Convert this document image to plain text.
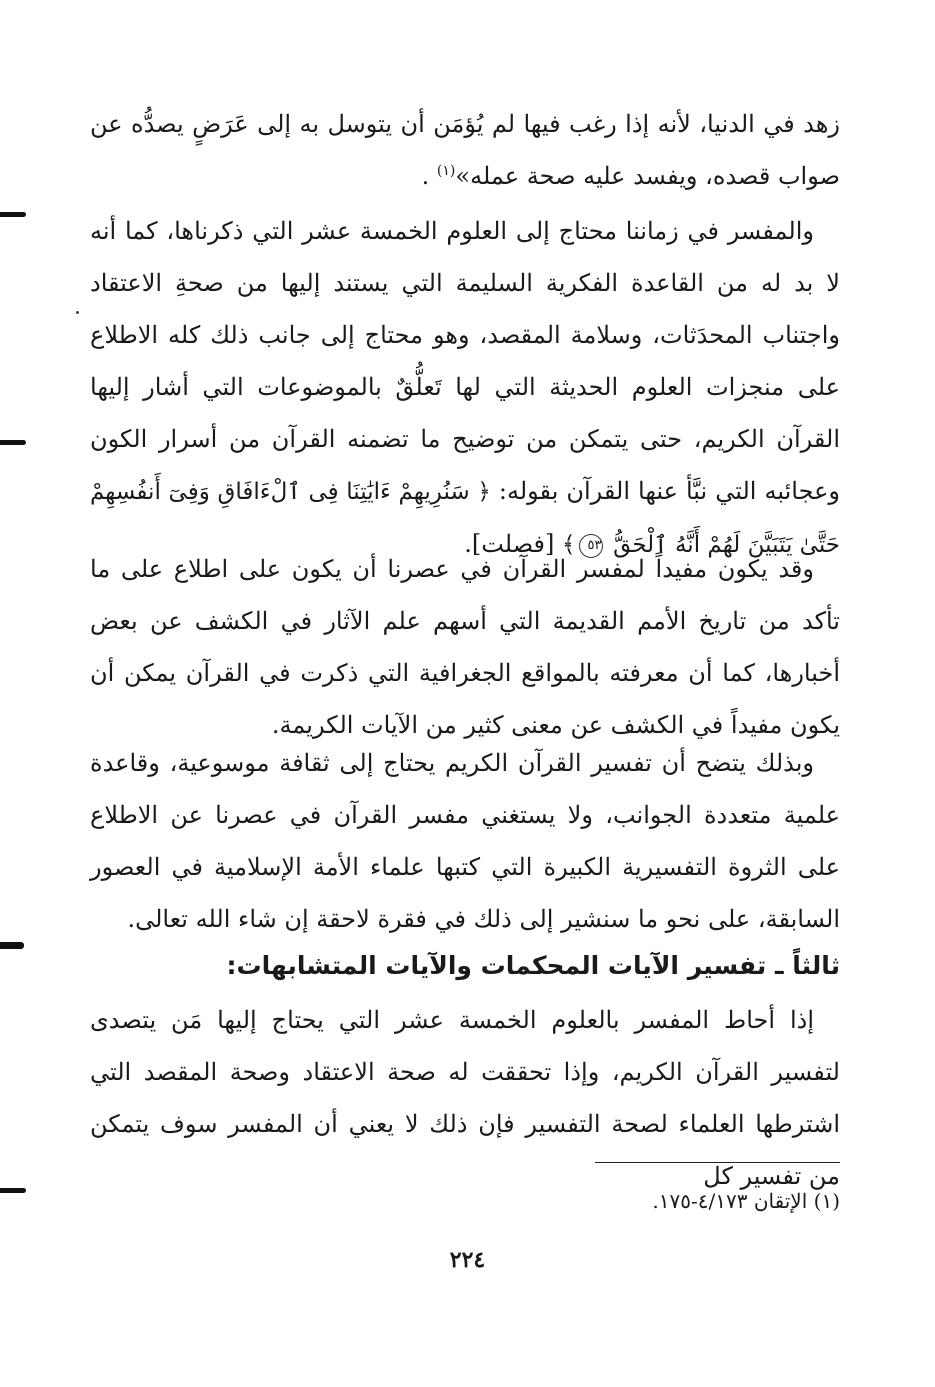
زهد في الدنيا، لأنه إذا رغب فيها لم يُؤمَن أن يتوسل به إلى عَرَضٍ يصدُّه عن صواب قصده، ويفسد عليه صحة عمله»$^{(١)}$ .

والمفسر في زماننا محتاج إلى العلوم الخمسة عشر التي ذكرناها، كما أنه لا بد له من القاعدة الفكرية السليمة التي يستند إليها من صحةِ الاعتقاد واجتناب المحدَثات، وسلامة المقصد، وهو محتاج إلى جانب ذلك كله الاطلاع على منجزات العلوم الحديثة التي لها تَعلُّقٌ بالموضوعات التي أشار إليها القرآن الكريم، حتى يتمكن من توضيح ما تضمنه القرآن من أسرار الكون وعجائبه التي نبَّأ عنها القرآن بقوله: ﴿ سَنُرِيهِمْ ءَايَٰتِنَا فِى ٱلْءَافَاقِ وَفِىٓ أَنفُسِهِمْ حَتَّىٰ يَتَبَيَّنَ لَهُمْ أَنَّهُ ٱلْحَقُّ ٥٣﴾ [فصلت].

وقد يكون مفيداً لمفسر القرآن في عصرنا أن يكون على اطلاع على ما تأكد من تاريخ الأمم القديمة التي أسهم علم الآثار في الكشف عن بعض أخبارها، كما أن معرفته بالمواقع الجغرافية التي ذكرت في القرآن يمكن أن يكون مفيداً في الكشف عن معنى كثير من الآيات الكريمة.

وبذلك يتضح أن تفسير القرآن الكريم يحتاج إلى ثقافة موسوعية، وقاعدة علمية متعددة الجوانب، ولا يستغني مفسر القرآن في عصرنا عن الاطلاع على الثروة التفسيرية الكبيرة التي كتبها علماء الأمة الإسلامية في العصور السابقة، على نحو ما سنشير إلى ذلك في فقرة لاحقة إن شاء الله تعالى.

ثالثاً ـ تفسير الآيات المحكمات والآيات المتشابهات:

إذا أحاط المفسر بالعلوم الخمسة عشر التي يحتاج إليها مَن يتصدى لتفسير القرآن الكريم، وإذا تحققت له صحة الاعتقاد وصحة المقصد التي اشترطها العلماء لصحة التفسير فإن ذلك لا يعني أن المفسر سوف يتمكن من تفسير كل

(١) الإتقان ٤/١٧٣-١٧٥.

٢٢٤
